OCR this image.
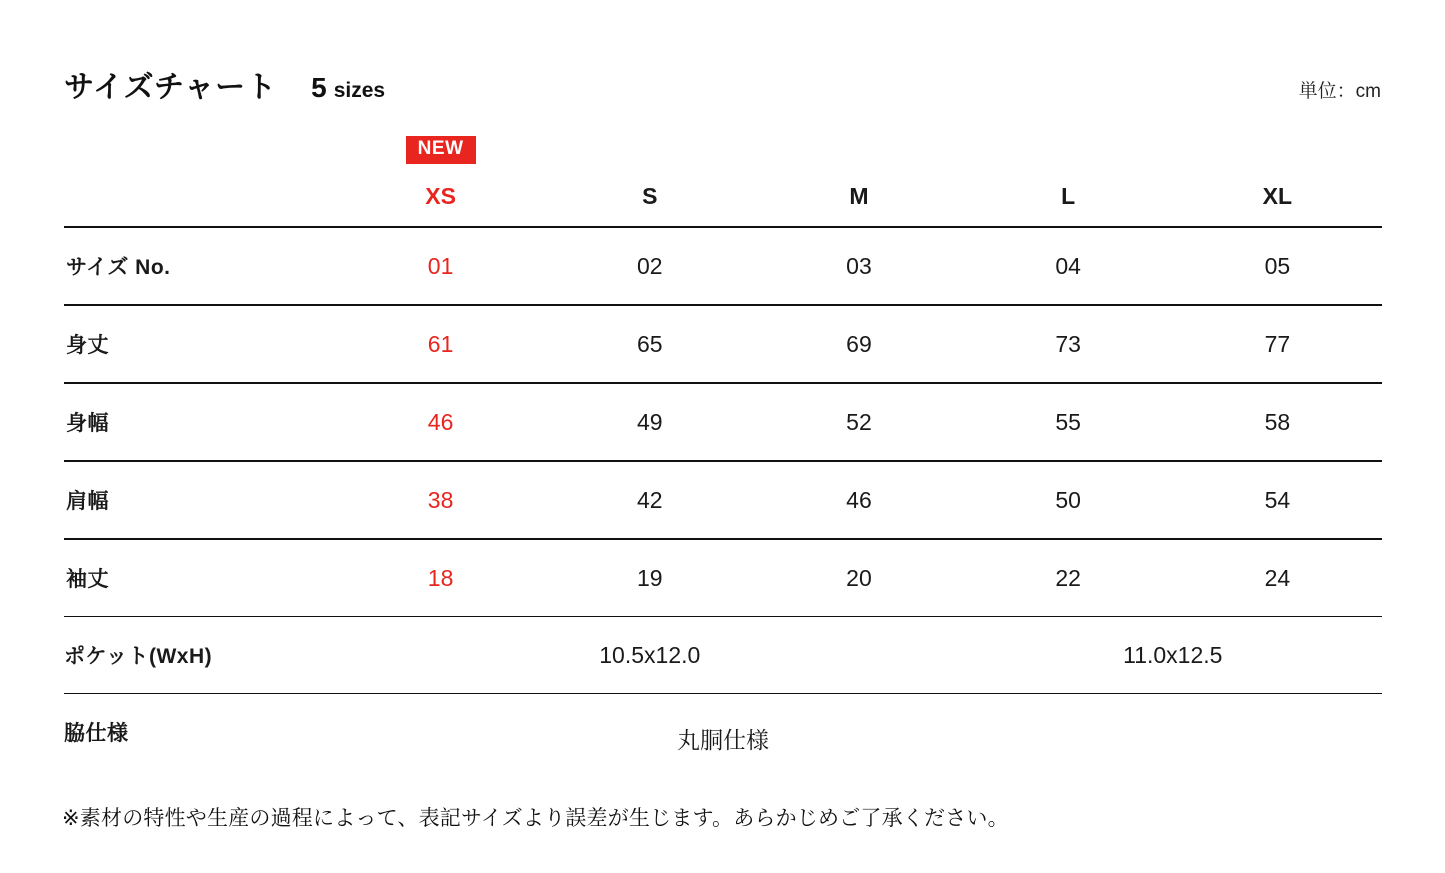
サイズチャート 5 sizes	単位：cm
	NEW				
	XS	S	M	L	XL
サイズ No.	01	02	03	04	05
身丈	61	65	69	73	77
身幅	46	49	52	55	58
肩幅	38	42	46	50	54
袖丈	18	19	20	22	24
ポケット(WxH)	10.5x12.0			11.0x12.5	
脇仕様						丸胴仕様
※素材の特性や生産の過程によって、表記サイズより誤差が生じます。あらかじめご了承ください。
